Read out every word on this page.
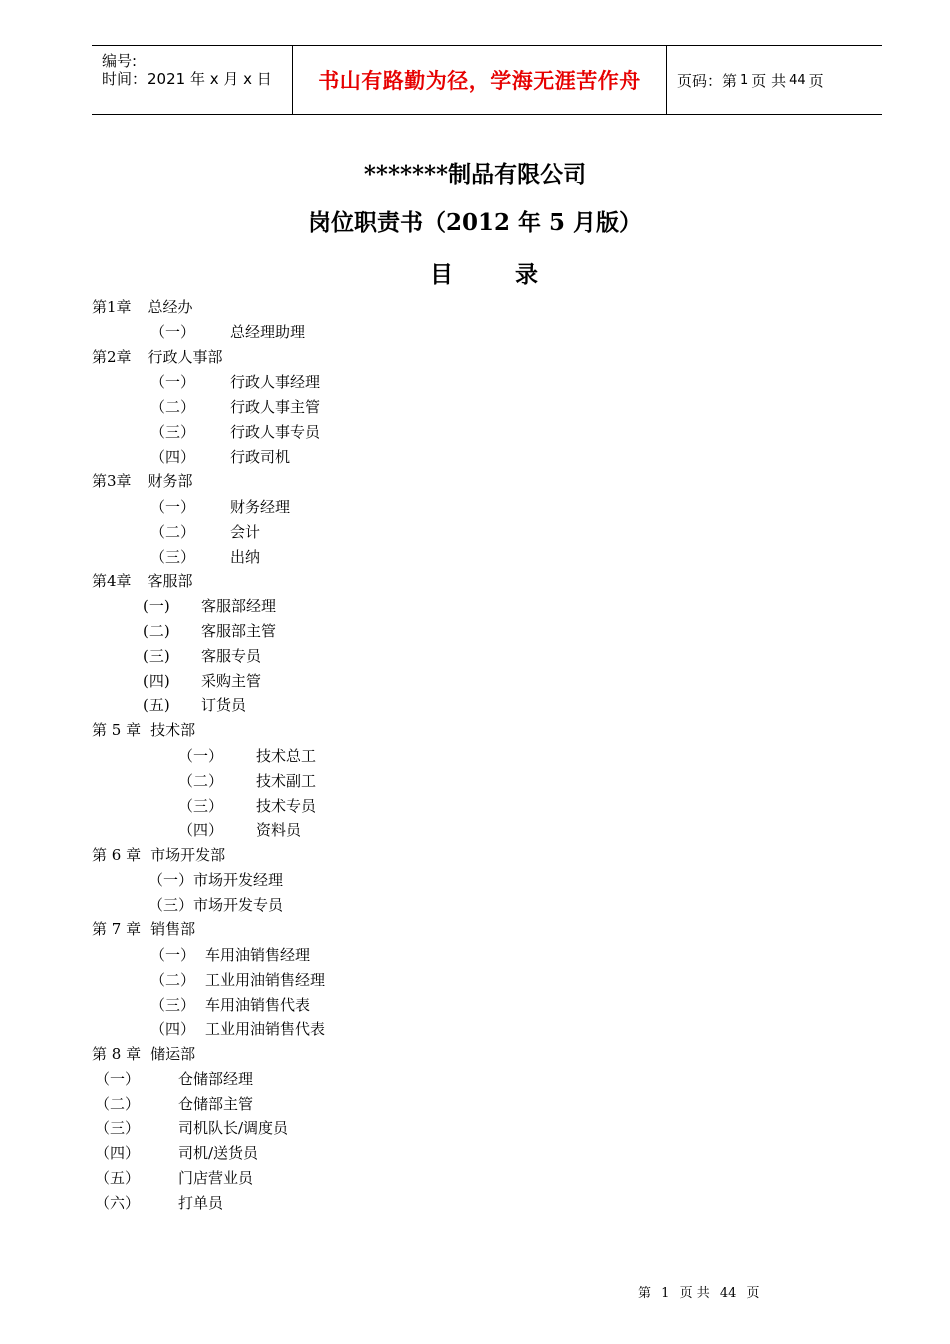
编号:
时间：2021 年 x 月 x 日 书山有路勤为径，学海无涯苦作舟 页码：第 1 页 共 44 页
*******制品有限公司
岗位职责书（2012 年 5 月版）
目	录
第1章 总经办
（一） 总经理助理
第2章 行政人事部
（一） 行政人事经理
（二） 行政人事主管
（三） 行政人事专员
（四） 行政司机
第3章 财务部
（一） 财务经理
（二） 会计
（三） 出纳
第4章 客服部
(一) 客服部经理
(二) 客服部主管
(三) 客服专员
(四) 采购主管
(五) 订货员
第 5 章 技术部
（一） 技术总工
（二） 技术副工
（三） 技术专员
（四） 资料员
第 6 章 市场开发部
（一）市场开发经理
（三）市场开发专员
第 7 章 销售部
（一） 车用油销售经理
（二） 工业用油销售经理
（三） 车用油销售代表
（四） 工业用油销售代表
第 8 章 储运部
（一）	仓储部经理
（二）	仓储部主管
（三）	司机队长/调度员
（四）	司机/送货员
（五）	门店营业员
（六）	打单员
第 1 页 共 44 页
